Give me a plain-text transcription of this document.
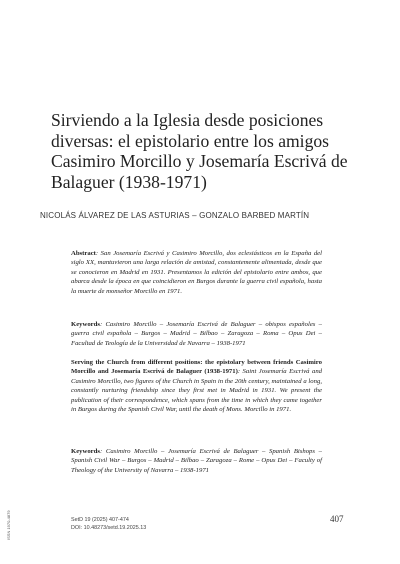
Sirviendo a la Iglesia desde posiciones diversas: el epistolario entre los amigos Casimiro Morcillo y Josemaría Escrivá de Balaguer (1938-1971)
NICOLÁS ÁLVAREZ DE LAS ASTURIAS – GONZALO BARBED MARTÍN
Abstract: San Josemaría Escrivá y Casimiro Morcillo, dos eclesiásticos en la España del siglo XX, mantuvieron una larga relación de amistad, constantemente alimentada, desde que se conocieron en Madrid en 1931. Presentamos la edición del epistolario entre ambos, que abarca desde la época en que coincidieron en Burgos durante la guerra civil española, hasta la muerte de monseñor Morcillo en 1971.
Keywords: Casimiro Morcillo – Josemaría Escrivá de Balaguer – obispos españoles – guerra civil española – Burgos – Madrid – Bilbao – Zaragoza – Roma – Opus Dei – Facultad de Teología de la Universidad de Navarra – 1938-1971
Serving the Church from different positions: the epistolary between friends Casimiro Morcillo and Josemaría Escrivá de Balaguer (1938-1971): Saint Josemaría Escrivá and Casimiro Morcillo, two figures of the Church in Spain in the 20th century, maintained a long, constantly nurturing friendship since they first met in Madrid in 1931. We present the publication of their correspondence, which spans from the time in which they came together in Burgos during the Spanish Civil War, until the death of Mons. Morcillo in 1971.
Keywords: Casimiro Morcillo – Josemaría Escrivá de Balaguer – Spanish Bishops – Spanish Civil War – Burgos – Madrid – Bilbao – Zaragoza – Rome – Opus Dei – Faculty of Theology of the University of Navarra – 1938-1971
ISSN 1970-4879	SetD 19 (2025) 407-474
DOI: 10.48273/setd.19.2025.13
407
